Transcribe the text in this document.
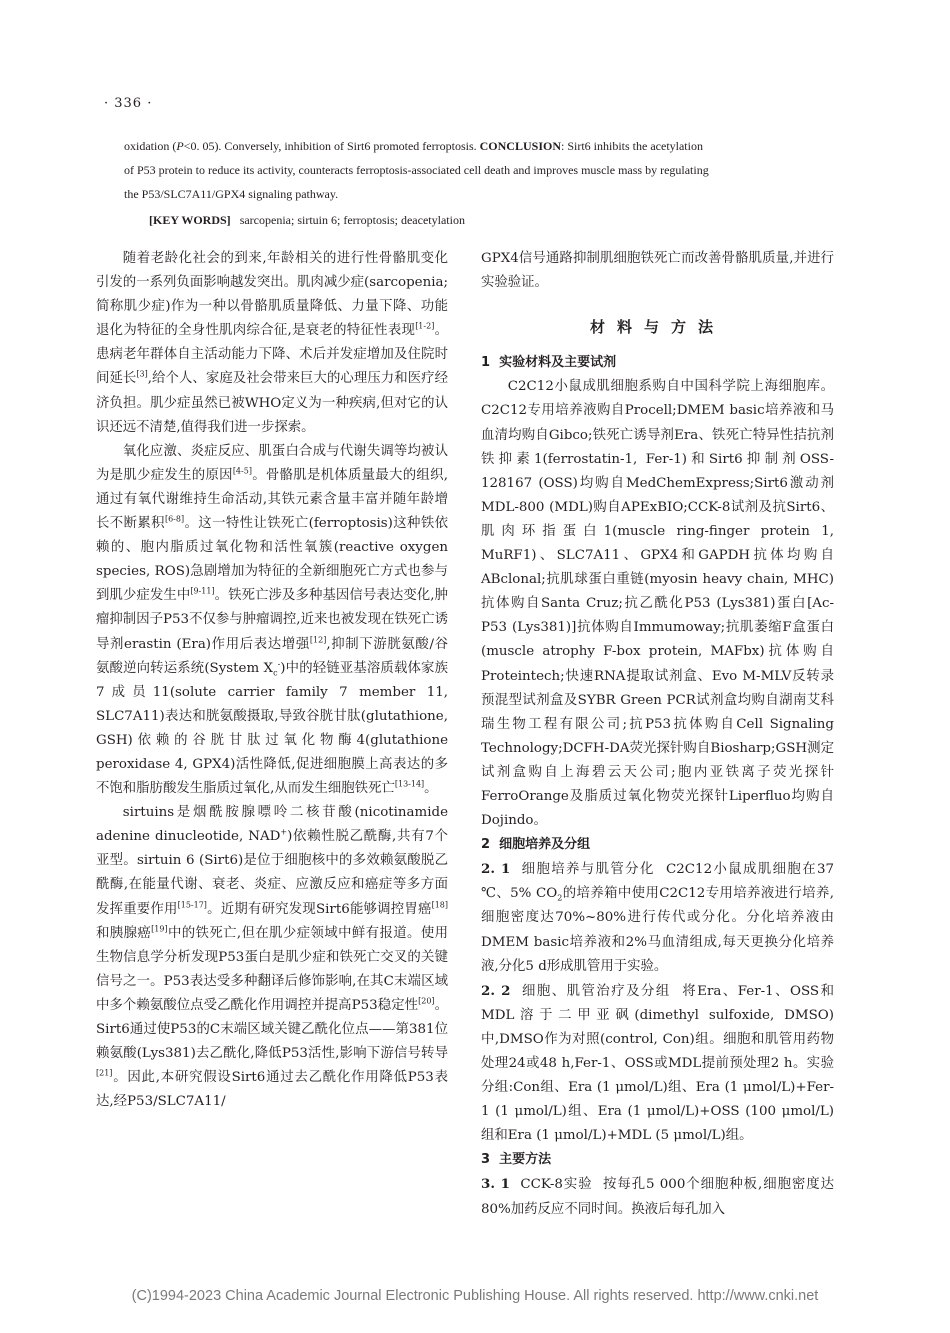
· 336 ·

oxidation (P<0. 05). Conversely, inhibition of Sirt6 promoted ferroptosis. CONCLUSION: Sirt6 inhibits the acetylation

of P53 protein to reduce its activity, counteracts ferroptosis-associated cell death and improves muscle mass by regulating

the P53/SLC7A11/GPX4 signaling pathway.

[KEY WORDS] sarcopenia; sirtuin 6; ferroptosis; deacetylation

随着老龄化社会的到来,年龄相关的进行性骨骼肌变化引发的一系列负面影响越发突出。肌肉减少症(sarcopenia;简称肌少症)作为一种以骨骼肌质量降低、力量下降、功能退化为特征的全身性肌肉综合征,是衰老的特征性表现[1-2]。患病老年群体自主活动能力下降、术后并发症增加及住院时间延长[3],给个人、家庭及社会带来巨大的心理压力和医疗经济负担。肌少症虽然已被WHO定义为一种疾病,但对它的认识还远不清楚,值得我们进一步探索。

氧化应激、炎症反应、肌蛋白合成与代谢失调等均被认为是肌少症发生的原因[4-5]。骨骼肌是机体质量最大的组织,通过有氧代谢维持生命活动,其铁元素含量丰富并随年龄增长不断累积[6-8]。这一特性让铁死亡(ferroptosis)这种铁依赖的、胞内脂质过氧化物和活性氧簇(reactive oxygen species, ROS)急剧增加为特征的全新细胞死亡方式也参与到肌少症发生中[9-11]。铁死亡涉及多种基因信号表达变化,肿瘤抑制因子P53不仅参与肿瘤调控,近来也被发现在铁死亡诱导剂erastin (Era)作用后表达增强[12],抑制下游胱氨酸/谷氨酸逆向转运系统(System $X_c^-$)中的轻链亚基溶质载体家族7成员11(solute carrier family 7 member 11, SLC7A11)表达和胱氨酸摄取,导致谷胱甘肽(glutathione, GSH)依赖的谷胱甘肽过氧化物酶4(glutathione peroxidase 4, GPX4)活性降低,促进细胞膜上高表达的多不饱和脂肪酸发生脂质过氧化,从而发生细胞铁死亡[13-14]。

sirtuins是烟酰胺腺嘌呤二核苷酸(nicotinamide adenine dinucleotide, NAD+)依赖性脱乙酰酶,共有7个亚型。sirtuin 6 (Sirt6)是位于细胞核中的多效赖氨酸脱乙酰酶,在能量代谢、衰老、炎症、应激反应和癌症等多方面发挥重要作用[15-17]。近期有研究发现Sirt6能够调控胃癌[18]和胰腺癌[19]中的铁死亡,但在肌少症领域中鲜有报道。使用生物信息学分析发现P53蛋白是肌少症和铁死亡交叉的关键信号之一。P53表达受多种翻译后修饰影响,在其C末端区域中多个赖氨酸位点受乙酰化作用调控并提高P53稳定性[20]。Sirt6通过使P53的C末端区域关键乙酰化位点——第381位赖氨酸(Lys381)去乙酰化,降低P53活性,影响下游信号转导[21]。因此,本研究假设Sirt6通过去乙酰化作用降低P53表达,经P53/SLC7A11/

GPX4信号通路抑制肌细胞铁死亡而改善骨骼肌质量,并进行实验验证。

材料与方法

1 实验材料及主要试剂

C2C12小鼠成肌细胞系购自中国科学院上海细胞库。C2C12专用培养液购自Procell;DMEM basic培养液和马血清均购自Gibco;铁死亡诱导剂Era、铁死亡特异性拮抗剂铁抑素1(ferrostatin-1, Fer-1)和Sirt6抑制剂OSS-128167 (OSS)均购自MedChemExpress;Sirt6激动剂MDL-800 (MDL)购自APExBIO;CCK-8试剂及抗Sirt6、肌肉环指蛋白1(muscle ring-finger protein 1, MuRF1)、SLC7A11、GPX4和GAPDH抗体均购自ABclonal;抗肌球蛋白重链(myosin heavy chain, MHC)抗体购自Santa Cruz;抗乙酰化P53 (Lys381)蛋白[Ac-P53 (Lys381)]抗体购自Immumoway;抗肌萎缩F盒蛋白(muscle atrophy F-box protein, MAFbx)抗体购自Proteintech;快速RNA提取试剂盒、Evo M-MLV反转录预混型试剂盒及SYBR Green PCR试剂盒均购自湖南艾科瑞生物工程有限公司;抗P53抗体购自Cell Signaling Technology;DCFH-DA荧光探针购自Biosharp;GSH测定试剂盒购自上海碧云天公司;胞内亚铁离子荧光探针FerroOrange及脂质过氧化物荧光探针Liperfluo均购自Dojindo。

2 细胞培养及分组

2. 1 细胞培养与肌管分化 C2C12小鼠成肌细胞在37 ℃、5% $CO_2$的培养箱中使用C2C12专用培养液进行培养,细胞密度达70%~80%进行传代或分化。分化培养液由DMEM basic培养液和2%马血清组成,每天更换分化培养液,分化5 d形成肌管用于实验。

2. 2 细胞、肌管治疗及分组 将Era、Fer-1、OSS和MDL溶于二甲亚砜(dimethyl sulfoxide, DMSO)中,DMSO作为对照(control, Con)组。细胞和肌管用药物处理24或48 h,Fer-1、OSS或MDL提前预处理2 h。实验分组:Con组、Era (1 μmol/L)组、Era (1 μmol/L)+Fer-1 (1 μmol/L)组、Era (1 μmol/L)+OSS (100 μmol/L)组和Era (1 μmol/L)+MDL (5 μmol/L)组。

3 主要方法

3. 1 CCK-8实验 按每孔5 000个细胞种板,细胞密度达80%加药反应不同时间。换液后每孔加入

(C)1994-2023 China Academic Journal Electronic Publishing House. All rights reserved. http://www.cnki.net
